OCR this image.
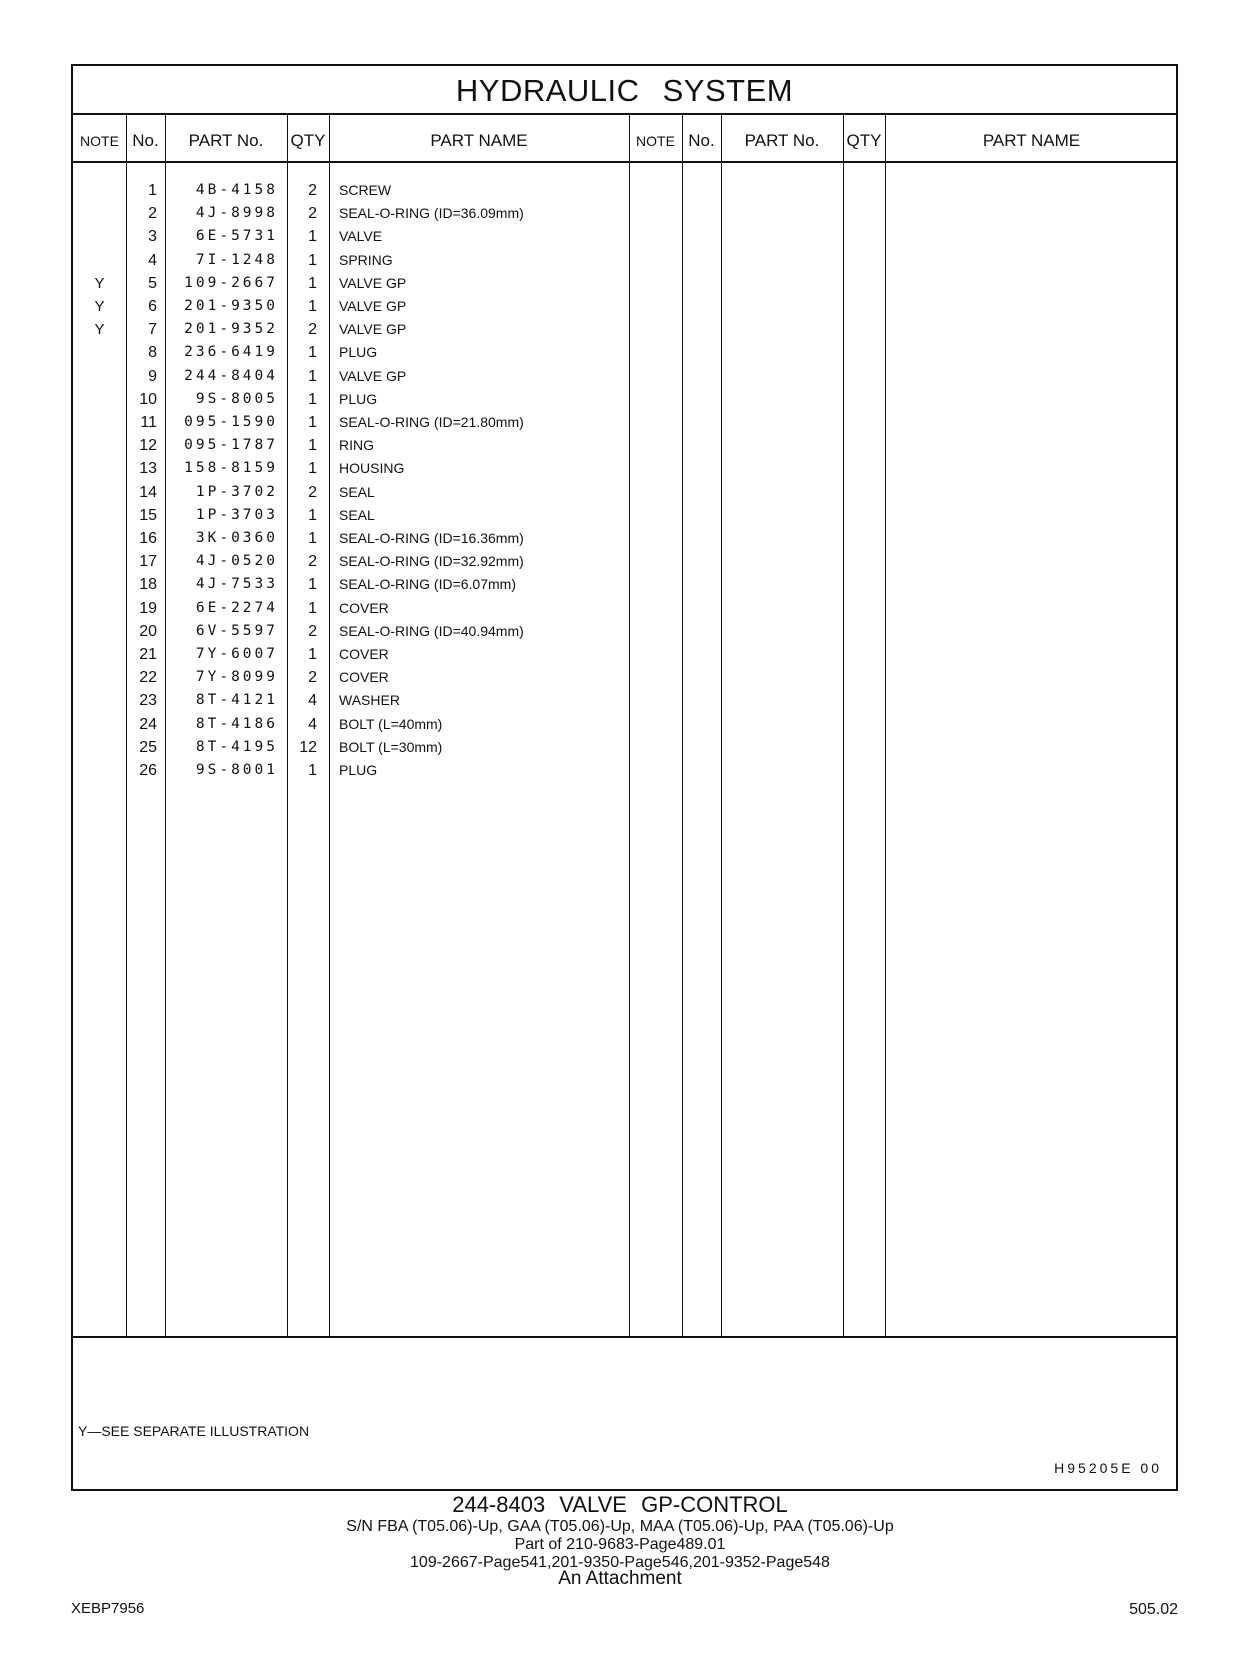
HYDRAULIC SYSTEM
NOTE No.	PART No.	QTY	PART NAME	NOTE No.	PART No.	QTY	PART NAME
1	4B-4158	2 SCREW
2	4J-8998	2 SEAL-O-RING (ID=36.09mm)
3	6E-5731	1 VALVE
4	7I-1248	1 SPRING
Y	5	109-2667	1 VALVE GP
Y	6	201-9350	1 VALVE GP
Y	7	201-9352	2 VALVE GP
8	236-6419	1 PLUG
9	244-8404	1 VALVE GP
10	9S-8005	1 PLUG
11	095-1590	1 SEAL-O-RING (ID=21.80mm)
12	095-1787	1 RING
13	158-8159	1 HOUSING
14	1P-3702	2 SEAL
15	1P-3703	1 SEAL
16	3K-0360	1 SEAL-O-RING (ID=16.36mm)
17	4J-0520	2 SEAL-O-RING (ID=32.92mm)
18	4J-7533	1 SEAL-O-RING (ID=6.07mm)
19	6E-2274	1 COVER
20	6V-5597	2 SEAL-O-RING (ID=40.94mm)
21	7Y-6007	1 COVER
22	7Y-8099	2 COVER
23	8T-4121	4 WASHER
24	8T-4186	4 BOLT (L=40mm)
25	8T-4195 12 BOLT (L=30mm)
26	9S-8001	1 PLUG
Y—SEE SEPARATE ILLUSTRATION
H95205E 00
244-8403 VALVE GP-CONTROL
S/N FBA (T05.06)-Up, GAA (T05.06)-Up, MAA (T05.06)-Up, PAA (T05.06)-Up
Part of 210-9683-Page489.01
109-2667-Page541,201-9350-Page546,201-9352-Page548
An Attachment
XEBP7956	505.02
